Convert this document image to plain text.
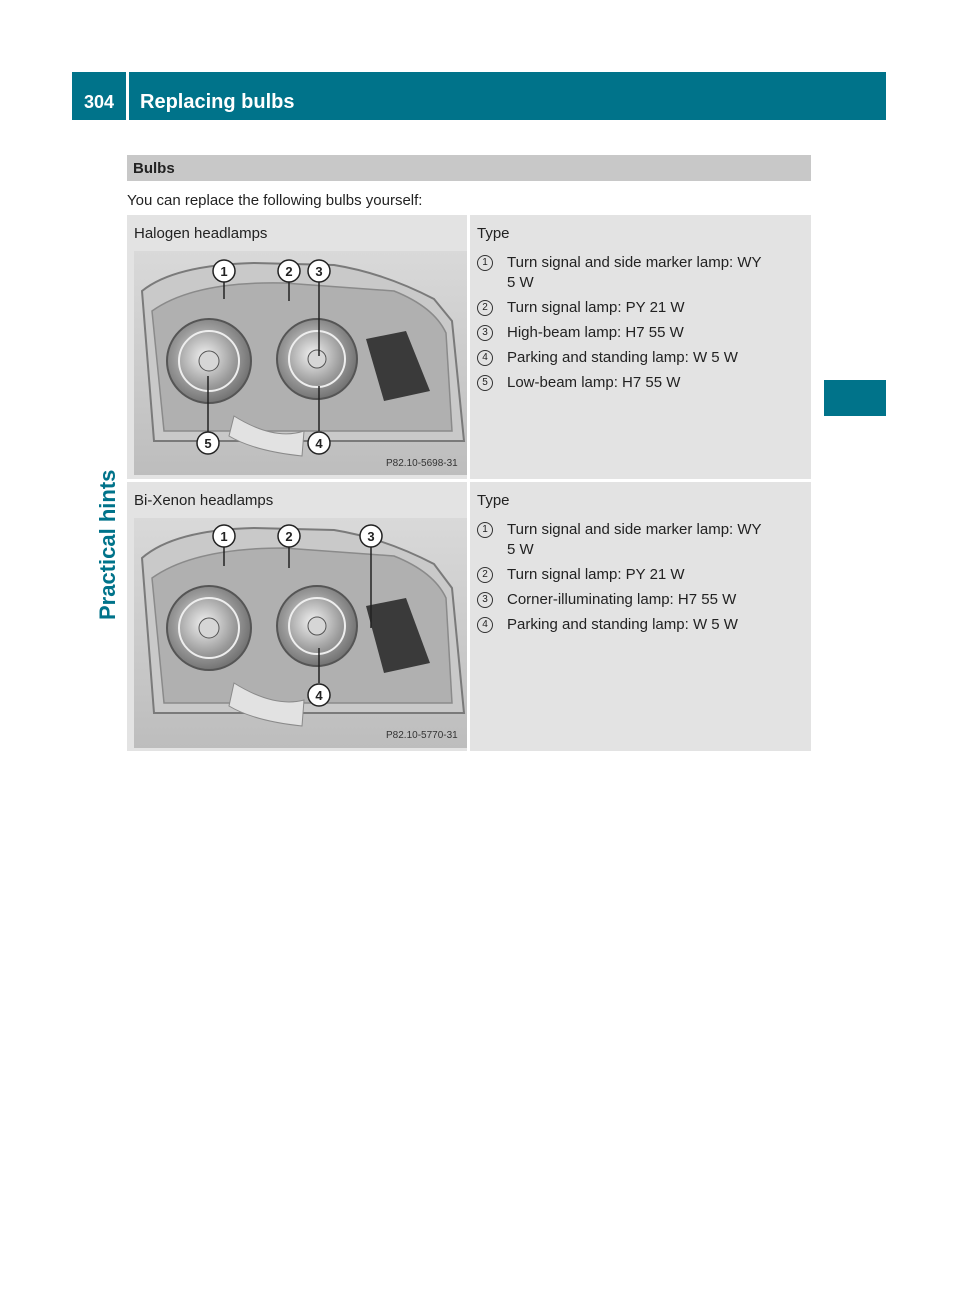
304	Replacing bulbs
Practical hints
Bulbs
You can replace the following bulbs yourself:
Halogen headlamps
1	2 3
4
5
P82.10-5698-31
Type
1	Turn signal and side marker lamp: WY 5 W
2	Turn signal lamp: PY 21 W
3	High-beam lamp: H7 55 W
4	Parking and standing lamp: W 5 W
5	Low-beam lamp: H7 55 W
Bi-Xenon headlamps
1	2	3
4
P82.10-5770-31
Type
1	Turn signal and side marker lamp: WY 5 W
2	Turn signal lamp: PY 21 W
3	Corner-illuminating lamp: H7 55 W
4	Parking and standing lamp: W 5 W
